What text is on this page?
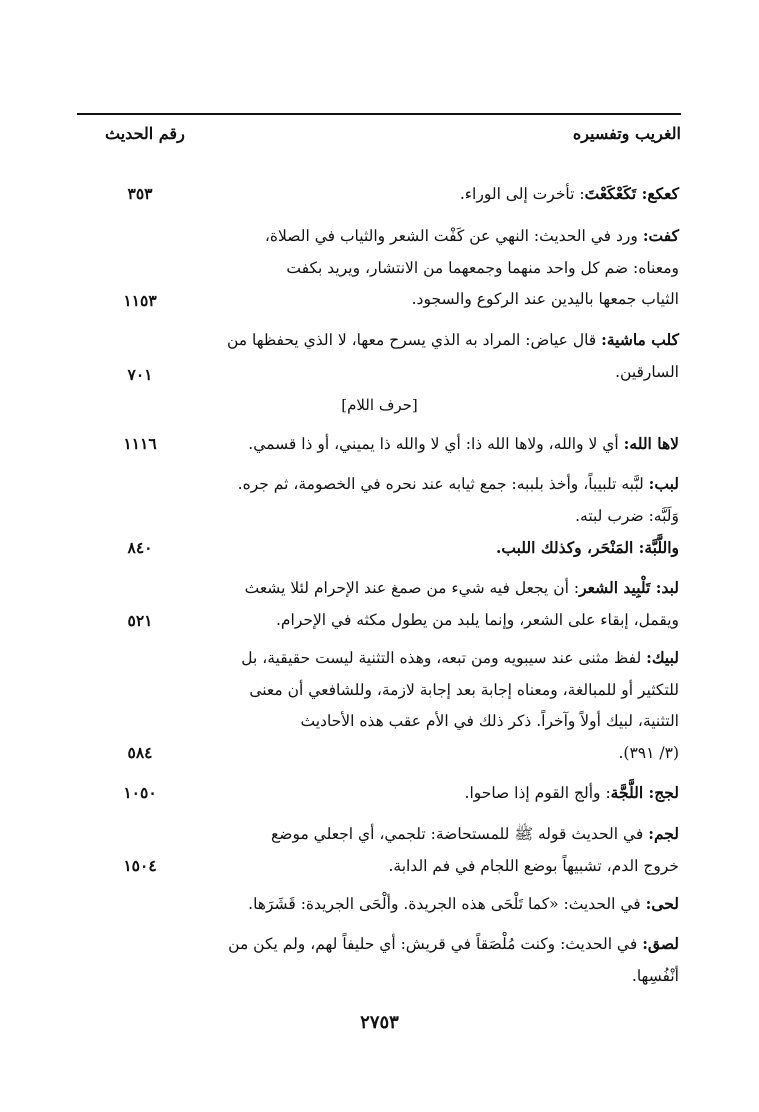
الغريب وتفسيره
رقم الحديث
كعكع: تَكَعْكَعْتَ: تأخرت إلى الوراء.
٣٥٣
كفت: ورد في الحديث: النهي عن كَفْت الشعر والثياب في الصلاة،
ومعناه: ضم كل واحد منهما وجمعهما من الانتشار، ويريد بكفت
الثياب جمعها باليدين عند الركوع والسجود.
١١٥٣
كلب ماشية: قال عياض: المراد به الذي يسرح معها، لا الذي يحفظها من
السارقين.
٧٠١
[حرف اللام]
لاها الله: أي لا والله، ولاها الله ذا: أي لا والله ذا يميني، أو ذا قسمي.
١١١٦
لبب: لبَّبه تلبيباً، وأخذ بلببه: جمع ثيابه عند نحره في الخصومة، ثم جره.
وَلَبَّه: ضرب لبته.
واللَّبَّة: المَنْحَر، وكذلك اللبب.
٨٤٠
لبد: تَلْبِيد الشعر: أن يجعل فيه شيء من صمغ عند الإحرام لئلا يشعث
ويقمل، إبقاء على الشعر، وإنما يلبد من يطول مكثه في الإحرام.
٥٢١
لبيك: لفظ مثنى عند سيبويه ومن تبعه، وهذه التثنية ليست حقيقية، بل
للتكثير أو للمبالغة، ومعناه إجابة بعد إجابة لازمة، وللشافعي أن معنى
التثنية، لبيك أولاً وآخراً. ذكر ذلك في الأم عقب هذه الأحاديث
(٣/ ٣٩١).
٥٨٤
لجج: اللَّجَّة: وألج القوم إذا صاحوا.
١٠٥٠
لجم: في الحديث قوله ﷺ للمستحاضة: تلجمي، أي اجعلي موضع
خروج الدم، تشبيهاً بوضع اللجام في فم الدابة.
١٥٠٤
لحى: في الحديث: «كما تَلْحَى هذه الجريدة. وألْحَى الجريدة: قَشَرَها.
لصق: في الحديث: وكنت مُلْصَقاً في قريش: أي حليفاً لهم، ولم يكن من
أنْفُسِها.
٢٧٥٣
